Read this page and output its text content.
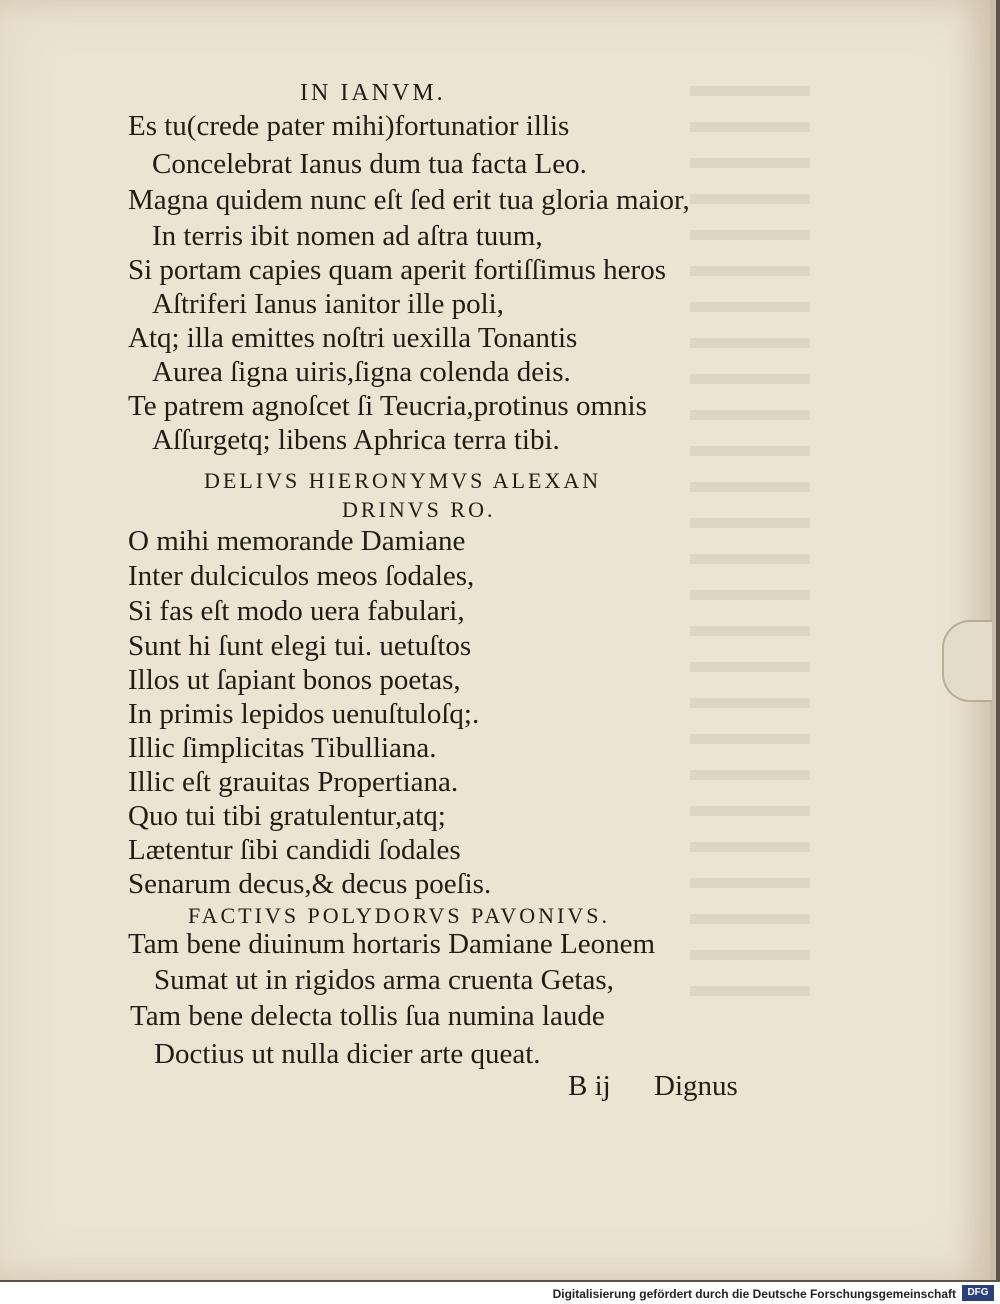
IN IANVM.
Es tu(crede pater mihi)fortunatior illis
Concelebrat Ianus dum tua facta Leo.
Magna quidem nunc eſt ſed erit tua gloria maior,
In terris ibit nomen ad aſtra tuum,
Si portam capies quam aperit fortiſſimus heros
Aſtriferi Ianus ianitor ille poli,
Atq; illa emittes noſtri uexilla Tonantis
Aurea ſigna uiris,ſigna colenda deis.
Te patrem agnoſcet ſi Teucria,protinus omnis
Aſſurgetq; libens Aphrica terra tibi.
DELIVS HIERONYMVS ALEXAN
DRINVS RO.
O mihi memorande Damiane
Inter dulciculos meos ſodales,
Si fas eſt modo uera fabulari,
Sunt hi ſunt elegi tui. uetuſtos
Illos ut ſapiant bonos poetas,
In primis lepidos uenuſtuloſq;.
Illic ſimplicitas Tibulliana.
Illic eſt grauitas Propertiana.
Quo tui tibi gratulentur,atq;
Lætentur ſibi candidi ſodales
Senarum decus,& decus poeſis.
FACTIVS POLYDORVS PAVONIVS.
Tam bene diuinum hortaris Damiane Leonem
Sumat ut in rigidos arma cruenta Getas,
Tam bene delecta tollis ſua numina laude
Doctius ut nulla dicier arte queat.
B ij Dignus
Digitalisierung gefördert durch die Deutsche Forschungsgemeinschaft	DFG
